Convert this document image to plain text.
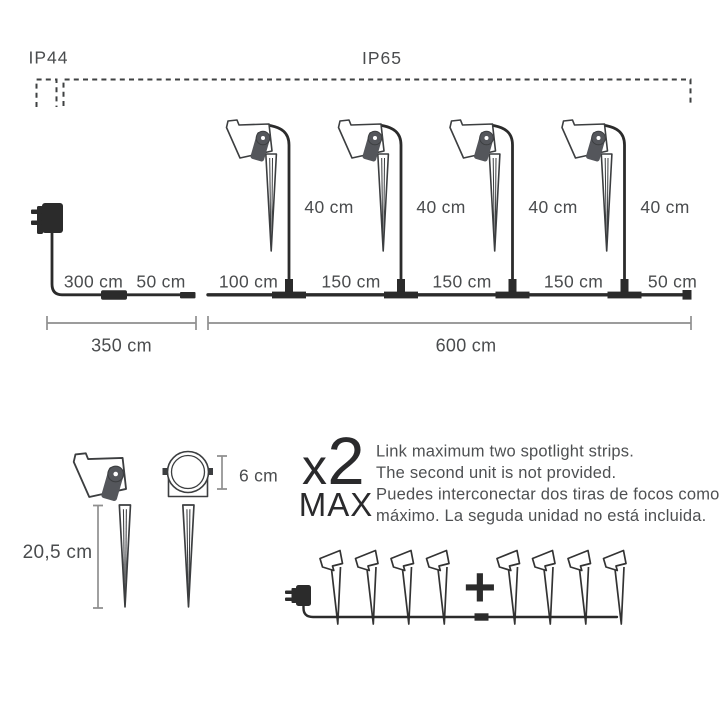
IP44	IP65
300 cm 50 cm 100 cm 150 cm	150 cm	150 cm	50 cm
40 cm	40 cm	40 cm	40 cm
350 cm	600 cm
20,5 cm
6 cm x2
MAX
Link maximum two spotlight strips.
The second unit is not provided.
Puedes interconectar dos tiras de focos como
máximo. La seguda unidad no está incluida.
+
